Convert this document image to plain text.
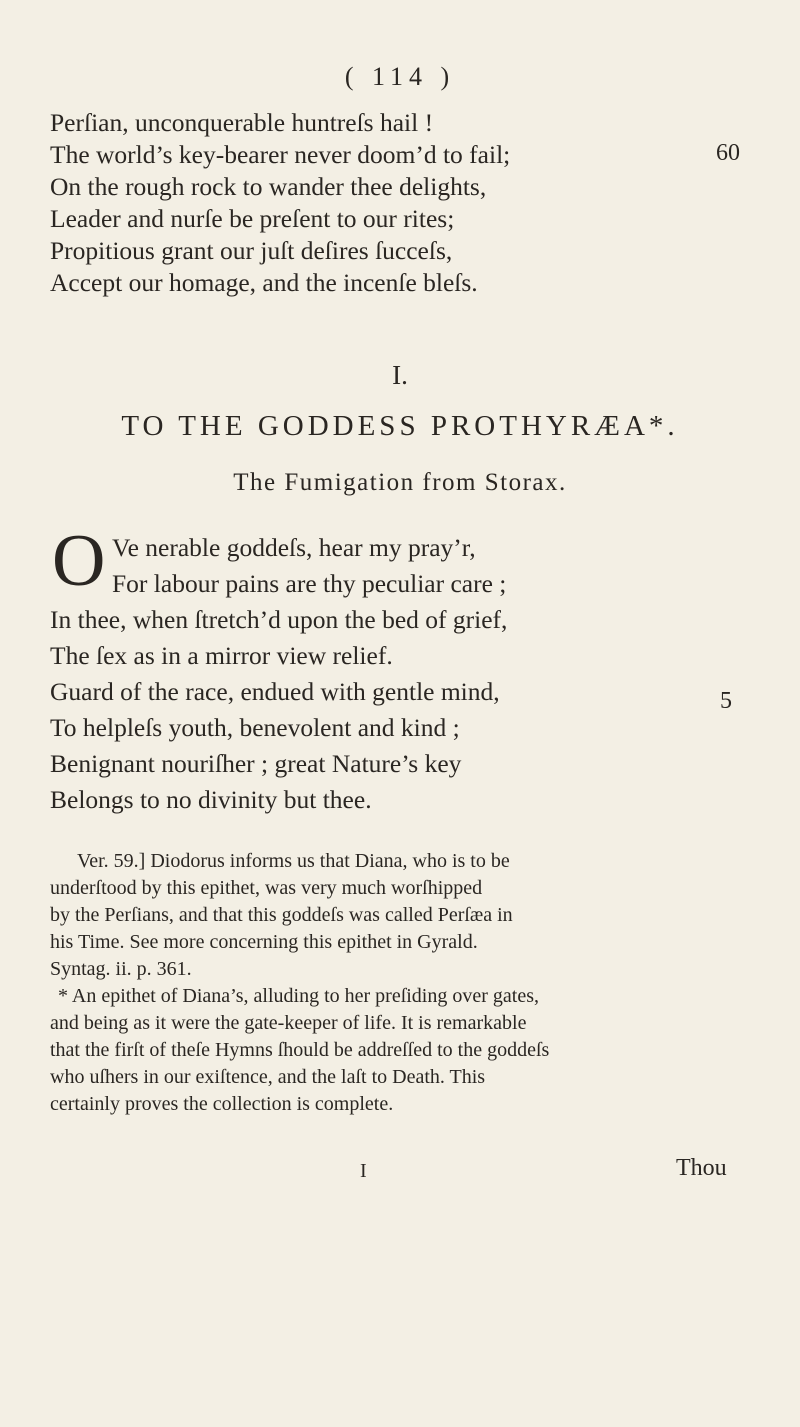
( 114 )
Perſian, unconquerable huntreſs hail !
The world’s key-bearer never doom’d to fail;
On the rough rock to wander thee delights,
Leader and nurſe be preſent to our rites;
Propitious grant our juſt deſires ſucceſs,
Accept our homage, and the incenſe bleſs.
60
I.
TO THE GODDESS PROTHYRÆA*.
The Fumigation from Storax.
O Ve nerable goddeſs, hear my pray’r,
For labour pains are thy peculiar care ;
In thee, when ſtretch’d upon the bed of grief,
The ſex as in a mirror view relief.
Guard of the race, endued with gentle mind,
To helpleſs youth, benevolent and kind ;
Benignant nouriſher ; great Nature’s key
Belongs to no divinity but thee.
5
Ver. 59.] Diodorus informs us that Diana, who is to be
underſtood by this epithet, was very much worſhipped
by the Perſians, and that this goddeſs was called Perſæa in
his Time. See more concerning this epithet in Gyrald.
Syntag. ii. p. 361.
* An epithet of Diana’s, alluding to her preſiding over gates,
and being as it were the gate-keeper of life. It is remarkable
that the firſt of theſe Hymns ſhould be addreſſed to the goddeſs
who uſhers in our exiſtence, and the laſt to Death. This
certainly proves the collection is complete.
I	Thou
